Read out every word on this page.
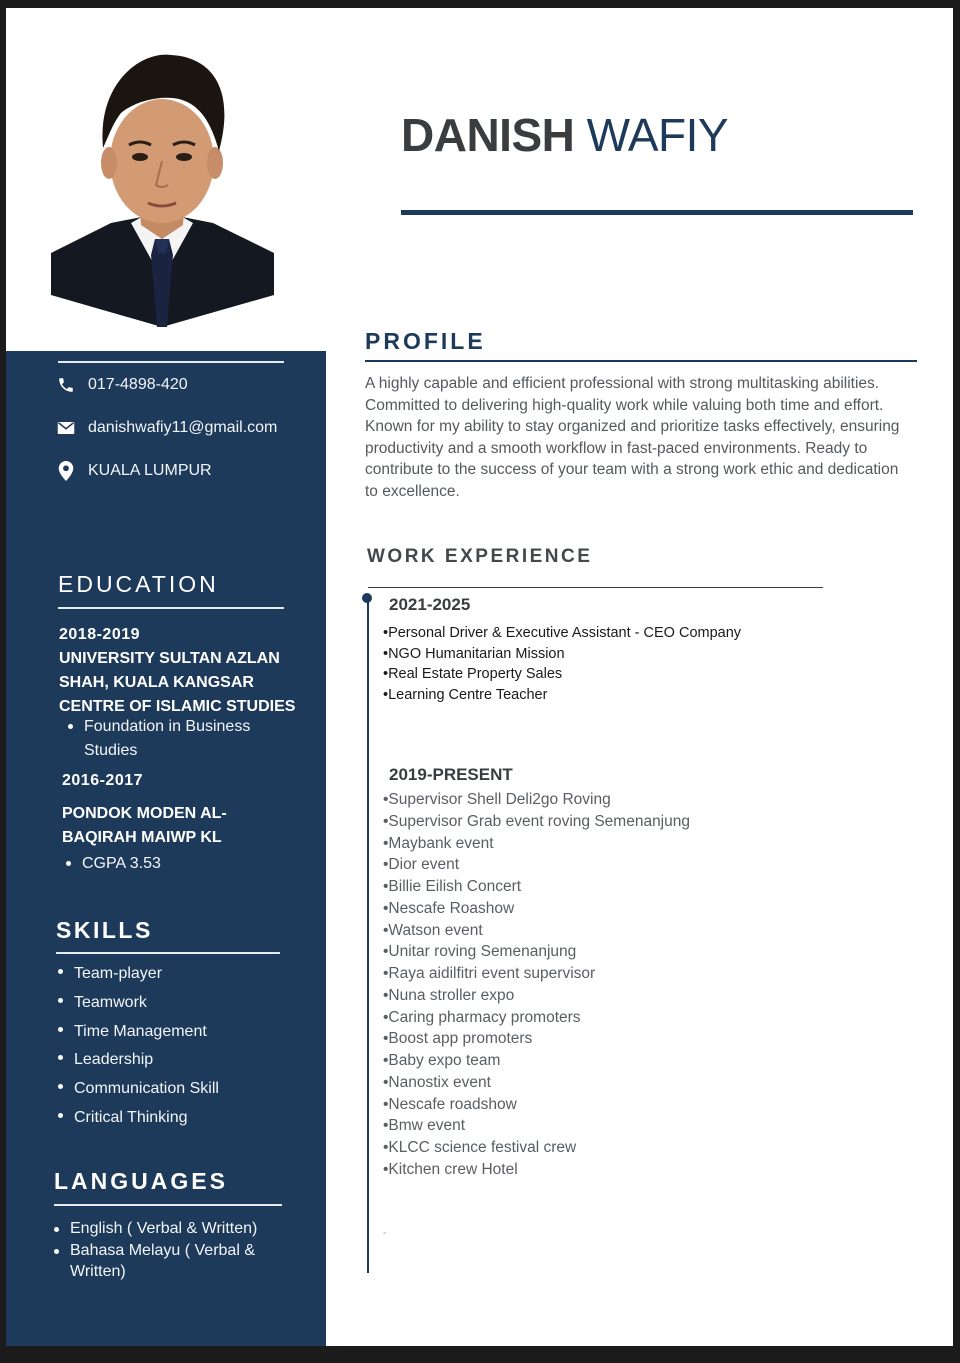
DANISH WAFIY
017-4898-420
danishwafiy11@gmail.com
KUALA LUMPUR
EDUCATION
2018-2019
UNIVERSITY SULTAN AZLAN
SHAH, KUALA KANGSAR
CENTRE OF ISLAMIC STUDIES
Foundation in Business
Studies
2016-2017
PONDOK MODEN AL-
BAQIRAH MAIWP KL
CGPA 3.53
SKILLS
Team-player
Teamwork
Time Management
Leadership
Communication Skill
Critical Thinking
LANGUAGES
English ( Verbal & Written)
Bahasa Melayu ( Verbal &
Written)
PROFILE
A highly capable and efficient professional with strong multitasking abilities.
Committed to delivering high-quality work while valuing both time and effort.
Known for my ability to stay organized and prioritize tasks effectively, ensuring
productivity and a smooth workflow in fast-paced environments. Ready to
contribute to the success of your team with a strong work ethic and dedication
to excellence.
WORK EXPERIENCE
2021-2025
•Personal Driver & Executive Assistant - CEO Company
•NGO Humanitarian Mission
•Real Estate Property Sales
•Learning Centre Teacher
2019-PRESENT
•Supervisor Shell Deli2go Roving
•Supervisor Grab event roving Semenanjung
•Maybank event
•Dior event
•Billie Eilish Concert
•Nescafe Roashow
•Watson event
•Unitar roving Semenanjung
•Raya aidilfitri event supervisor
•Nuna stroller expo
•Caring pharmacy promoters
•Boost app promoters
•Baby expo team
•Nanostix event
•Nescafe roadshow
•Bmw event
•KLCC science festival crew
•Kitchen crew Hotel
-
